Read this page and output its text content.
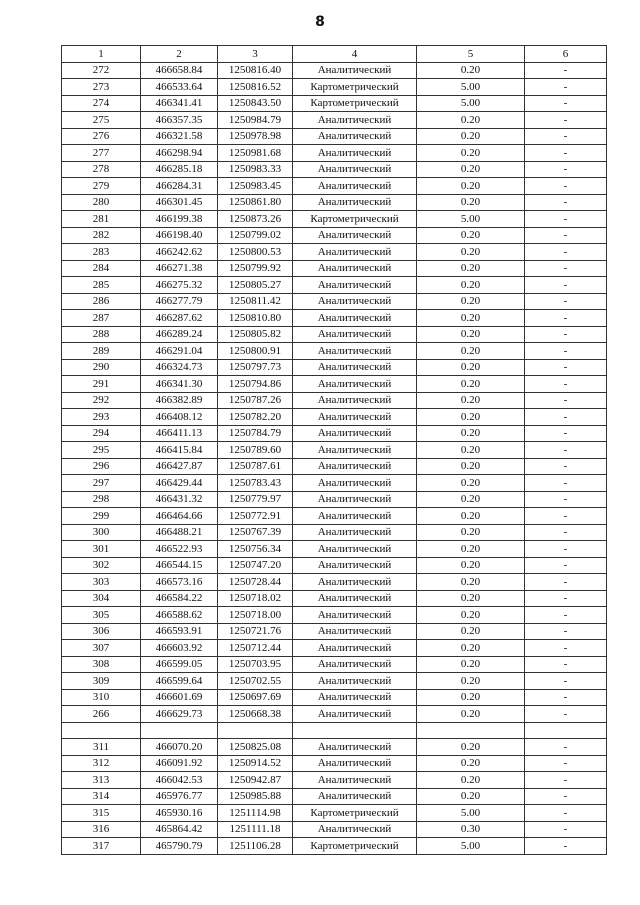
8
1	2	3	4	5	6
272	466658.84	1250816.40	Аналитический	0.20	-
273	466533.64	1250816.52	Картометрический	5.00	-
274	466341.41	1250843.50	Картометрический	5.00	-
275	466357.35	1250984.79	Аналитический	0.20	-
276	466321.58	1250978.98	Аналитический	0.20	-
277	466298.94	1250981.68	Аналитический	0.20	-
278	466285.18	1250983.33	Аналитический	0.20	-
279	466284.31	1250983.45	Аналитический	0.20	-
280	466301.45	1250861.80	Аналитический	0.20	-
281	466199.38	1250873.26	Картометрический	5.00	-
282	466198.40	1250799.02	Аналитический	0.20	-
283	466242.62	1250800.53	Аналитический	0.20	-
284	466271.38	1250799.92	Аналитический	0.20	-
285	466275.32	1250805.27	Аналитический	0.20	-
286	466277.79	1250811.42	Аналитический	0.20	-
287	466287.62	1250810.80	Аналитический	0.20	-
288	466289.24	1250805.82	Аналитический	0.20	-
289	466291.04	1250800.91	Аналитический	0.20	-
290	466324.73	1250797.73	Аналитический	0.20	-
291	466341.30	1250794.86	Аналитический	0.20	-
292	466382.89	1250787.26	Аналитический	0.20	-
293	466408.12	1250782.20	Аналитический	0.20	-
294	466411.13	1250784.79	Аналитический	0.20	-
295	466415.84	1250789.60	Аналитический	0.20	-
296	466427.87	1250787.61	Аналитический	0.20	-
297	466429.44	1250783.43	Аналитический	0.20	-
298	466431.32	1250779.97	Аналитический	0.20	-
299	466464.66	1250772.91	Аналитический	0.20	-
300	466488.21	1250767.39	Аналитический	0.20	-
301	466522.93	1250756.34	Аналитический	0.20	-
302	466544.15	1250747.20	Аналитический	0.20	-
303	466573.16	1250728.44	Аналитический	0.20	-
304	466584.22	1250718.02	Аналитический	0.20	-
305	466588.62	1250718.00	Аналитический	0.20	-
306	466593.91	1250721.76	Аналитический	0.20	-
307	466603.92	1250712.44	Аналитический	0.20	-
308	466599.05	1250703.95	Аналитический	0.20	-
309	466599.64	1250702.55	Аналитический	0.20	-
310	466601.69	1250697.69	Аналитический	0.20	-
266	466629.73	1250668.38	Аналитический	0.20	-

311	466070.20	1250825.08	Аналитический	0.20	-
312	466091.92	1250914.52	Аналитический	0.20	-
313	466042.53	1250942.87	Аналитический	0.20	-
314	465976.77	1250985.88	Аналитический	0.20	-
315	465930.16	1251114.98	Картометрический	5.00	-
316	465864.42	1251111.18	Аналитический	0.30	-
317	465790.79	1251106.28	Картометрический	5.00	-
